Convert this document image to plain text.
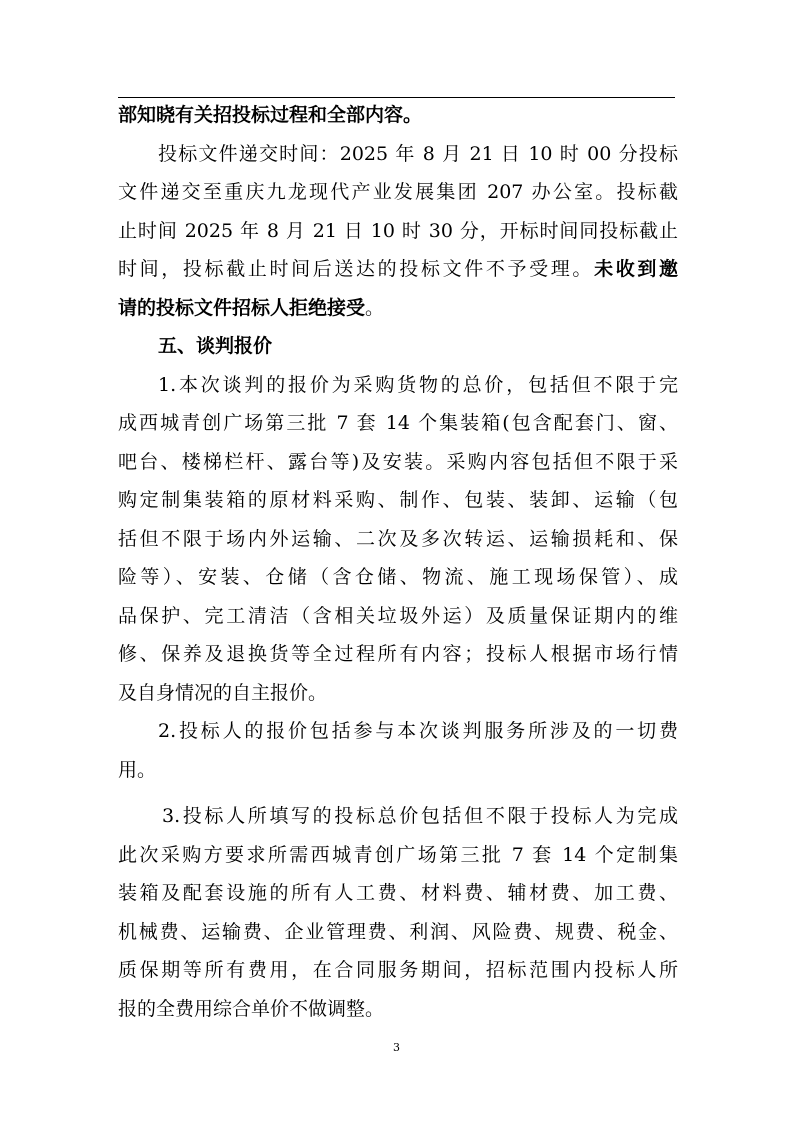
部知晓有关招投标过程和全部内容。
投标文件递交时间：2025 年 8 月 21 日 10 时 00 分投标
文件递交至重庆九龙现代产业发展集团 207 办公室。投标截
止时间 2025 年 8 月 21 日 10 时 30 分，开标时间同投标截止
时间，投标截止时间后送达的投标文件不予受理。未收到邀
请的投标文件招标人拒绝接受。
五、谈判报价
1.本次谈判的报价为采购货物的总价，包括但不限于完
成西城青创广场第三批 7 套 14 个集装箱(包含配套门、窗、
吧台、楼梯栏杆、露台等)及安装。采购内容包括但不限于采
购定制集装箱的原材料采购、制作、包装、装卸、运输（包
括但不限于场内外运输、二次及多次转运、运输损耗和、保
险等）、安装、仓储（含仓储、物流、施工现场保管）、成
品保护、完工清洁（含相关垃圾外运）及质量保证期内的维
修、保养及退换货等全过程所有内容；投标人根据市场行情
及自身情况的自主报价。
2.投标人的报价包括参与本次谈判服务所涉及的一切费
用。
3.投标人所填写的投标总价包括但不限于投标人为完成
此次采购方要求所需西城青创广场第三批 7 套 14 个定制集
装箱及配套设施的所有人工费、材料费、辅材费、加工费、
机械费、运输费、企业管理费、利润、风险费、规费、税金、
质保期等所有费用，在合同服务期间，招标范围内投标人所
报的全费用综合单价不做调整。
3
